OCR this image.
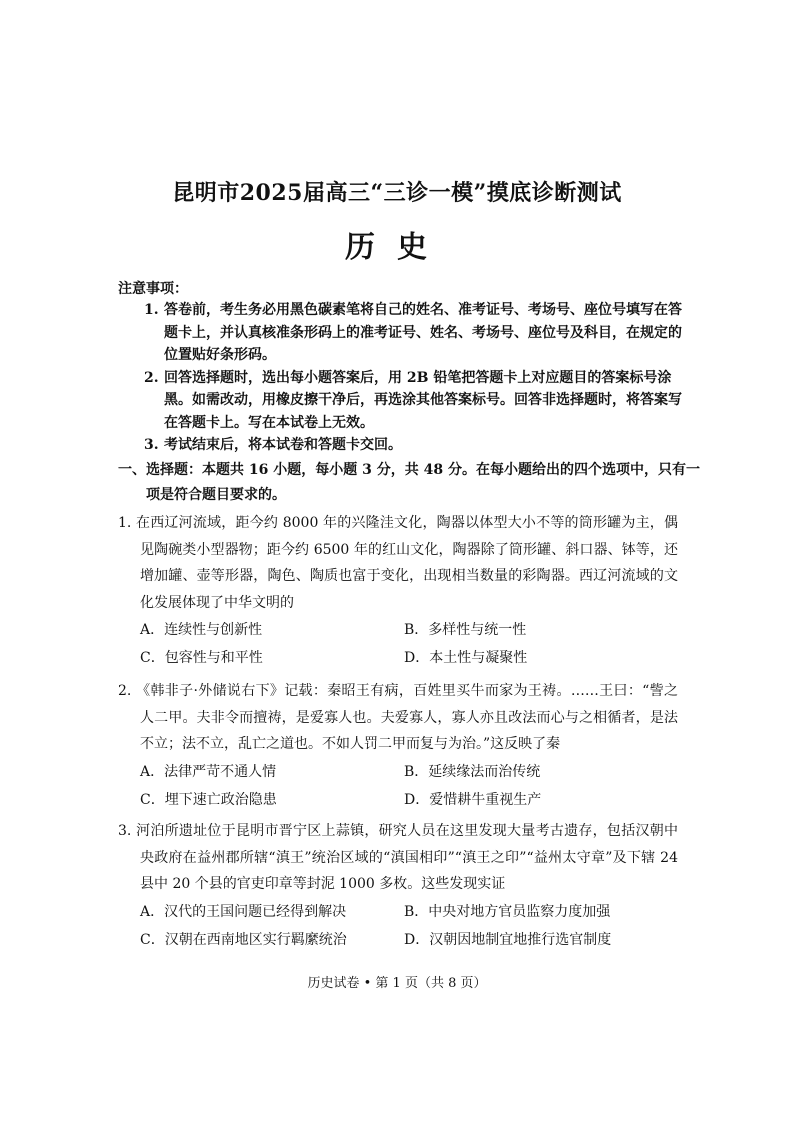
昆明市2025届高三“三诊一模”摸底诊断测试
历史
注意事项：
1. 答卷前，考生务必用黑色碳素笔将自己的姓名、准考证号、考场号、座位号填写在答题卡上，并认真核准条形码上的准考证号、姓名、考场号、座位号及科目，在规定的位置贴好条形码。
2. 回答选择题时，选出每小题答案后，用 2B 铅笔把答题卡上对应题目的答案标号涂黑。如需改动，用橡皮擦干净后，再选涂其他答案标号。回答非选择题时，将答案写在答题卡上。写在本试卷上无效。
3. 考试结束后，将本试卷和答题卡交回。
一、选择题：本题共 16 小题，每小题 3 分，共 48 分。在每小题给出的四个选项中，只有一项是符合题目要求的。
1. 在西辽河流域，距今约 8000 年的兴隆洼文化，陶器以体型大小不等的筒形罐为主，偶见陶碗类小型器物；距今约 6500 年的红山文化，陶器除了筒形罐、斜口器、钵等，还增加罐、壶等形器，陶色、陶质也富于变化，出现相当数量的彩陶器。西辽河流域的文化发展体现了中华文明的
A．连续性与创新性	B．多样性与统一性
C．包容性与和平性	D．本土性与凝聚性
2. 《韩非子·外储说右下》记载：秦昭王有病，百姓里买牛而家为王祷。……王曰：“訾之人二甲。夫非令而擅祷，是爱寡人也。夫爱寡人，寡人亦且改法而心与之相循者，是法不立；法不立，乱亡之道也。不如人罚二甲而复与为治。”这反映了秦
A．法律严苛不通人情	B．延续缘法而治传统
C．埋下速亡政治隐患	D．爱惜耕牛重视生产
3. 河泊所遗址位于昆明市晋宁区上蒜镇，研究人员在这里发现大量考古遗存，包括汉朝中央政府在益州郡所辖“滇王”统治区域的“滇国相印”“滇王之印”“益州太守章”及下辖 24 县中 20 个县的官吏印章等封泥 1000 多枚。这些发现实证
A．汉代的王国问题已经得到解决	B．中央对地方官员监察力度加强
C．汉朝在西南地区实行羁縻统治	D．汉朝因地制宜地推行选官制度
历史试卷 • 第 1 页（共 8 页）
